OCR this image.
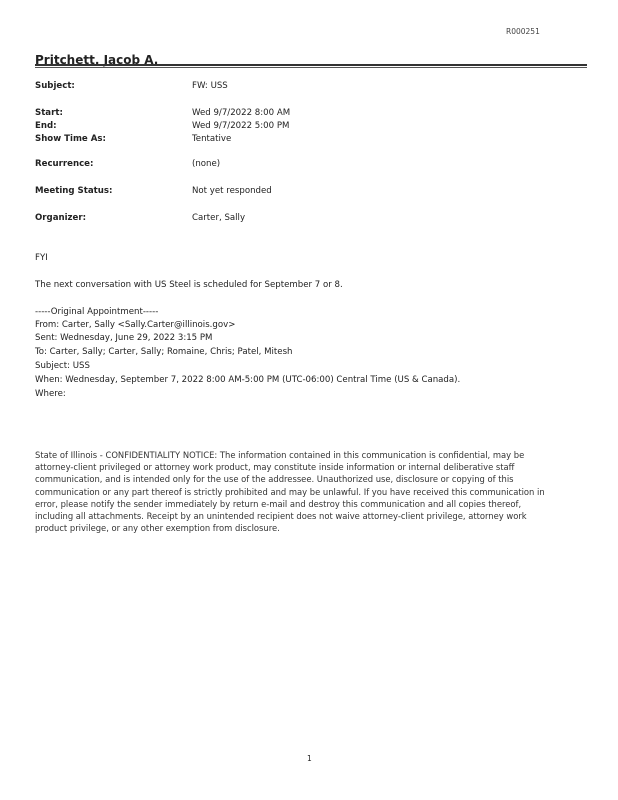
R000251
Pritchett, Jacob A.
Subject:	FW: USS
Start:	Wed 9/7/2022 8:00 AM
End:	Wed 9/7/2022 5:00 PM
Show Time As:	Tentative
Recurrence:	(none)
Meeting Status:	Not yet responded
Organizer:	Carter, Sally
FYI
The next conversation with US Steel is scheduled for September 7 or 8.
-----Original Appointment-----
From: Carter, Sally <Sally.Carter@illinois.gov>
Sent: Wednesday, June 29, 2022 3:15 PM
To: Carter, Sally; Carter, Sally; Romaine, Chris; Patel, Mitesh
Subject: USS
When: Wednesday, September 7, 2022 8:00 AM-5:00 PM (UTC-06:00) Central Time (US & Canada).
Where:

State of Illinois - CONFIDENTIALITY NOTICE: The information contained in this communication is confidential, may be

attorney-client privileged or attorney work product, may constitute inside information or internal deliberative staff

communication, and is intended only for the use of the addressee. Unauthorized use, disclosure or copying of this

communication or any part thereof is strictly prohibited and may be unlawful. If you have received this communication in

error, please notify the sender immediately by return e-mail and destroy this communication and all copies thereof,

including all attachments. Receipt by an unintended recipient does not waive attorney-client privilege, attorney work

product privilege, or any other exemption from disclosure.

1
